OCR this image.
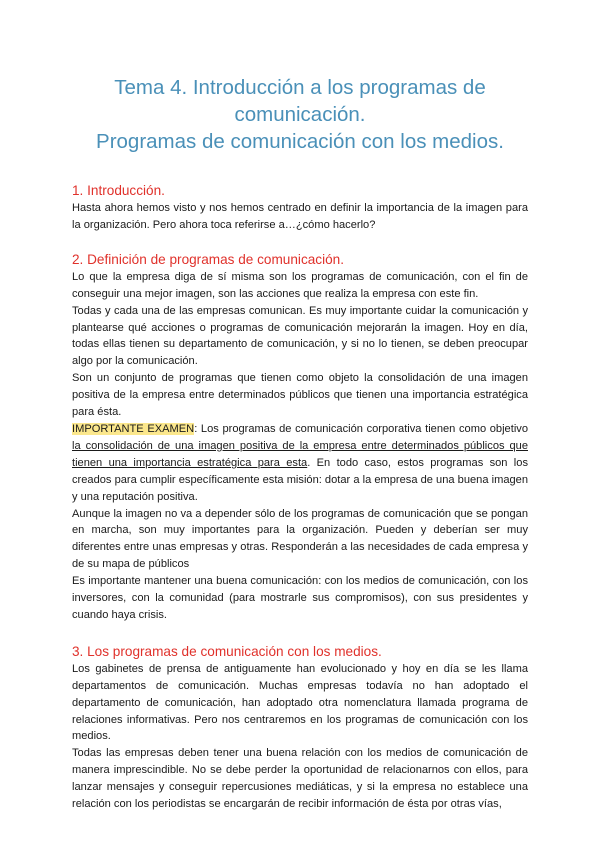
Tema 4. Introducción a los programas de
comunicación.
Programas de comunicación con los medios.
1. Introducción.

Hasta ahora hemos visto y nos hemos centrado en definir la importancia de la imagen para la organización. Pero ahora toca referirse a…¿cómo hacerlo?

2. Definición de programas de comunicación.

Lo que la empresa diga de sí misma son los programas de comunicación, con el fin de conseguir una mejor imagen, son las acciones que realiza la empresa con este fin.

Todas y cada una de las empresas comunican. Es muy importante cuidar la comunicación y plantearse qué acciones o programas de comunicación mejorarán la imagen. Hoy en día, todas ellas tienen su departamento de comunicación, y si no lo tienen, se deben preocupar algo por la comunicación.

Son un conjunto de programas que tienen como objeto la consolidación de una imagen positiva de la empresa entre determinados públicos que tienen una importancia estratégica para ésta.

IMPORTANTE EXAMEN: Los programas de comunicación corporativa tienen como objetivo la consolidación de una imagen positiva de la empresa entre determinados públicos que tienen una importancia estratégica para esta. En todo caso, estos programas son los creados para cumplir específicamente esta misión: dotar a la empresa de una buena imagen y una reputación positiva.

Aunque la imagen no va a depender sólo de los programas de comunicación que se pongan en marcha, son muy importantes para la organización. Pueden y deberían ser muy diferentes entre unas empresas y otras. Responderán a las necesidades de cada empresa y de su mapa de públicos

Es importante mantener una buena comunicación: con los medios de comunicación, con los inversores, con la comunidad (para mostrarle sus compromisos), con sus presidentes y cuando haya crisis.

3. Los programas de comunicación con los medios.

Los gabinetes de prensa de antiguamente han evolucionado y hoy en día se les llama departamentos de comunicación. Muchas empresas todavía no han adoptado el departamento de comunicación, han adoptado otra nomenclatura llamada programa de relaciones informativas. Pero nos centraremos en los programas de comunicación con los medios.

Todas las empresas deben tener una buena relación con los medios de comunicación de manera imprescindible. No se debe perder la oportunidad de relacionarnos con ellos, para lanzar mensajes y conseguir repercusiones mediáticas, y si la empresa no establece una relación con los periodistas se encargarán de recibir información de ésta por otras vías,
